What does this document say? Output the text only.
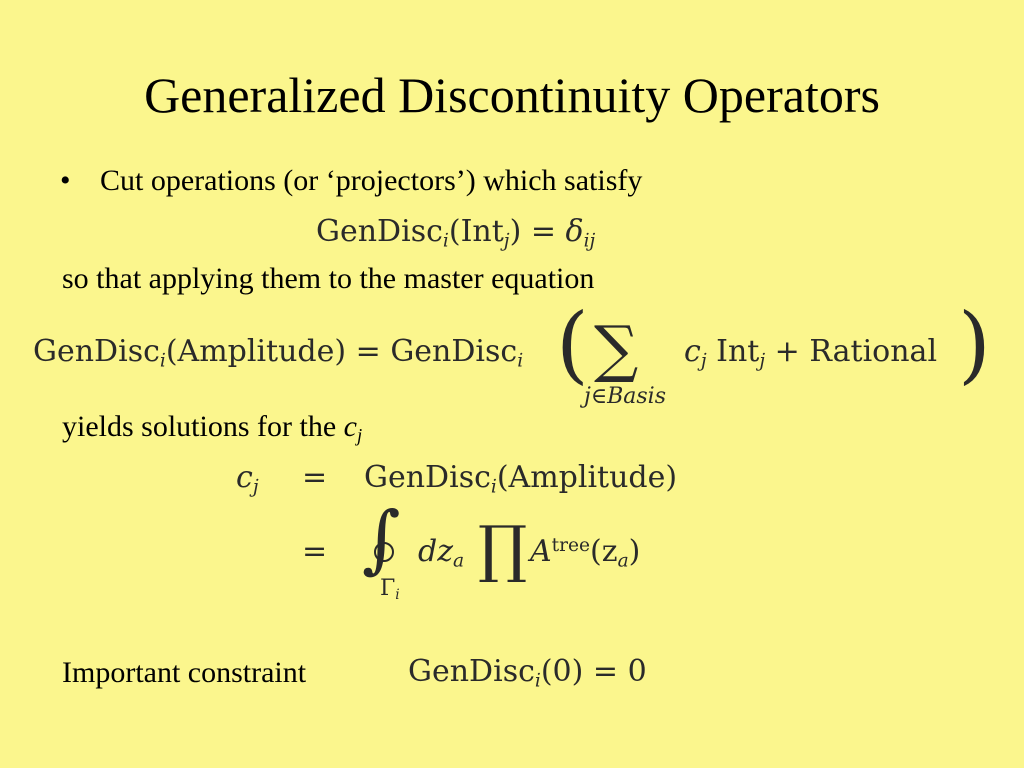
Generalized Discontinuity Operators
• Cut operations (or ‘projectors’) which satisfy
GenDisc$_i$(Int$_j$) = $\delta_{ij}$
so that applying them to the master equation
GenDisc$_i$(Amplitude) = GenDisc$_i$ ( ∑
j∈Basis
$c_j$ Int$_j$ + Rational )
yields solutions for the $c_j$
$c_j$ = GenDisc$_i$(Amplitude)
= ∫
$\Gamma_i$
$dz_a$ ∏ $A^{tree}(z_a)$
Important constraint	GenDisc$_i$(0) = 0
